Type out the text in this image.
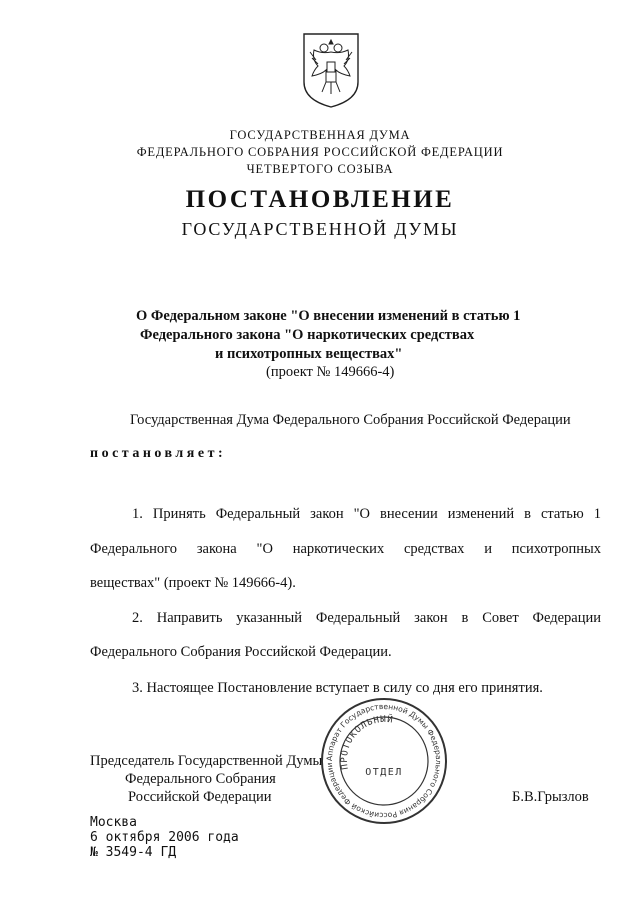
ГОСУДАРСТВЕННАЯ ДУМА
ФЕДЕРАЛЬНОГО СОБРАНИЯ РОССИЙСКОЙ ФЕДЕРАЦИИ
ЧЕТВЕРТОГО СОЗЫВА
ПОСТАНОВЛЕНИЕ
ГОСУДАРСТВЕННОЙ ДУМЫ
О Федеральном законе "О внесении изменений в статью 1
Федерального закона "О наркотических средствах
и психотропных веществах"
(проект № 149666-4)
Государственная Дума Федерального Собрания Российской Федерации
постановляет:
1. Принять Федеральный закон "О внесении изменений в статью 1
Федерального закона "О наркотических средствах и психотропных
веществах" (проект № 149666-4).
2. Направить указанный Федеральный закон в Совет Федерации
Федерального Собрания Российской Федерации.
3. Настоящее Постановление вступает в силу со дня его принятия.
Председатель Государственной Думы
Федерального Собрания
Российской Федерации	Б.В.Грызлов
Аппарат Государственной Думы Федерального Собрания Российской Федерации ПРОТОКОЛЬНЫЙ
ОТДЕЛ
Москва
6 октября 2006 года
№ 3549-4 ГД
